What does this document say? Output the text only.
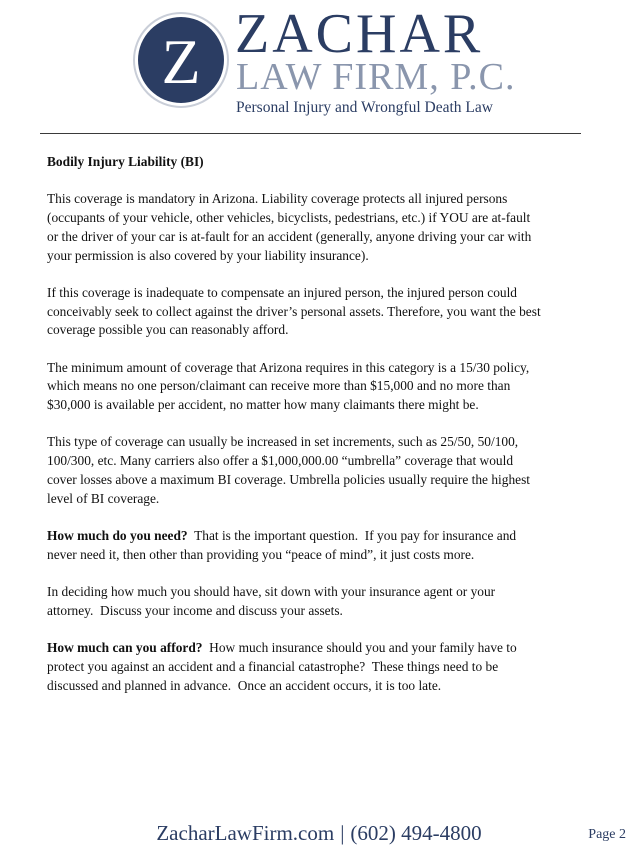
Z ZACHAR
LAW FIRM, P.C.
Personal Injury and Wrongful Death Law

Bodily Injury Liability (BI)

This coverage is mandatory in Arizona. Liability coverage protects all injured persons
(occupants of your vehicle, other vehicles, bicyclists, pedestrians, etc.) if YOU are at-fault
or the driver of your car is at-fault for an accident (generally, anyone driving your car with
your permission is also covered by your liability insurance).

If this coverage is inadequate to compensate an injured person, the injured person could
conceivably seek to collect against the driver’s personal assets. Therefore, you want the best
coverage possible you can reasonably afford.

The minimum amount of coverage that Arizona requires in this category is a 15/30 policy,
which means no one person/claimant can receive more than $15,000 and no more than
$30,000 is available per accident, no matter how many claimants there might be.

This type of coverage can usually be increased in set increments, such as 25/50, 50/100,
100/300, etc. Many carriers also offer a $1,000,000.00 “umbrella” coverage that would
cover losses above a maximum BI coverage. Umbrella policies usually require the highest
level of BI coverage.

How much do you need?  That is the important question.  If you pay for insurance and
never need it, then other than providing you “peace of mind”, it just costs more.

In deciding how much you should have, sit down with your insurance agent or your
attorney.  Discuss your income and discuss your assets.

How much can you afford?  How much insurance should you and your family have to
protect you against an accident and a financial catastrophe?  These things need to be
discussed and planned in advance.  Once an accident occurs, it is too late.

ZacharLawFirm.com | (602) 494-4800	Page 2
